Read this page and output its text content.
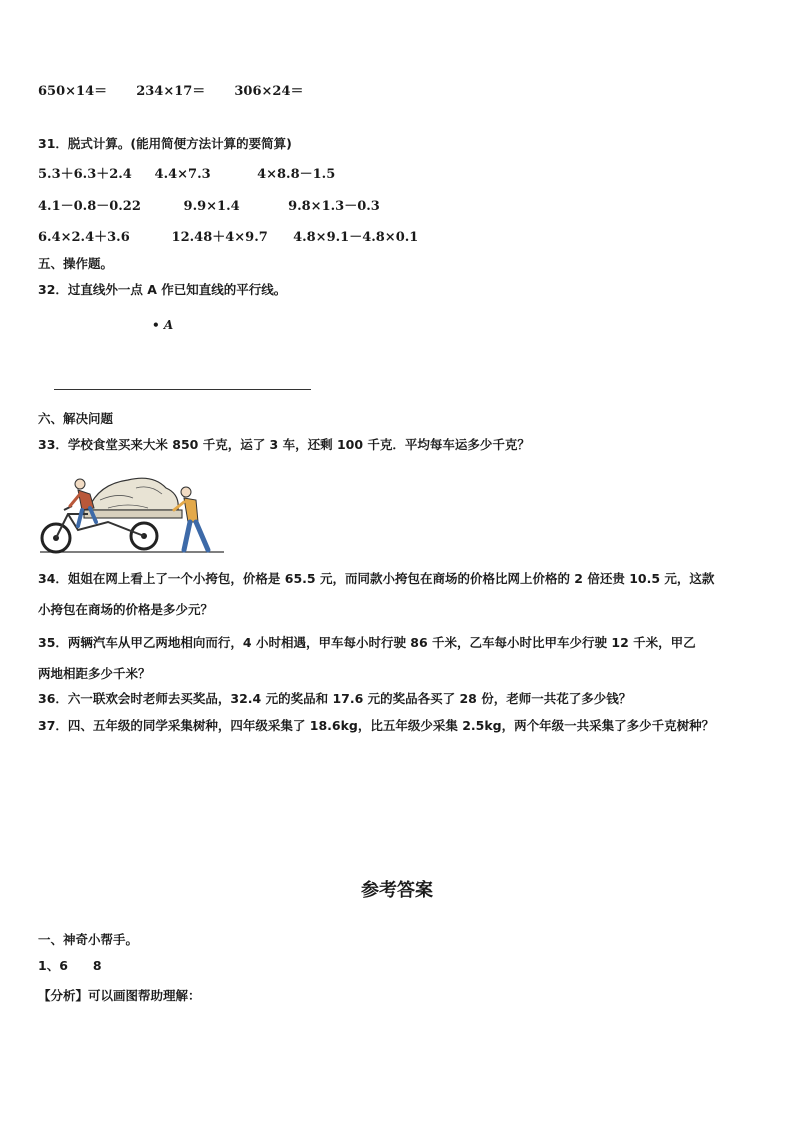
650×14＝ 234×17＝ 306×24＝
31．脱式计算。(能用简便方法计算的要简算)
5.3＋6.3＋2.4 4.4×7.3	4×8.8－1.5
4.1－0.8－0.22	9.9×1.4	9.8×1.3－0.3
6.4×2.4＋3.6	12.48＋4×9.7 4.8×9.1－4.8×0.1
五、操作题。
32．过直线外一点 A 作已知直线的平行线。
• A
六、解决问题
33．学校食堂买来大米 850 千克，运了 3 车，还剩 100 千克．平均每车运多少千克？
34．姐姐在网上看上了一个小挎包，价格是 65.5 元，而同款小挎包在商场的价格比网上价格的 2 倍还贵 10.5 元，这款
小挎包在商场的价格是多少元？
35．两辆汽车从甲乙两地相向而行，4 小时相遇，甲车每小时行驶 86 千米，乙车每小时比甲车少行驶 12 千米，甲乙
两地相距多少千米？
36．六一联欢会时老师去买奖品，32.4 元的奖品和 17.6 元的奖品各买了 28 份，老师一共花了多少钱？
37．四、五年级的同学采集树种，四年级采集了 18.6kg，比五年级少采集 2.5kg，两个年级一共采集了多少千克树种？
参考答案
一、神奇小帮手。
1、6　　8
【分析】可以画图帮助理解：
